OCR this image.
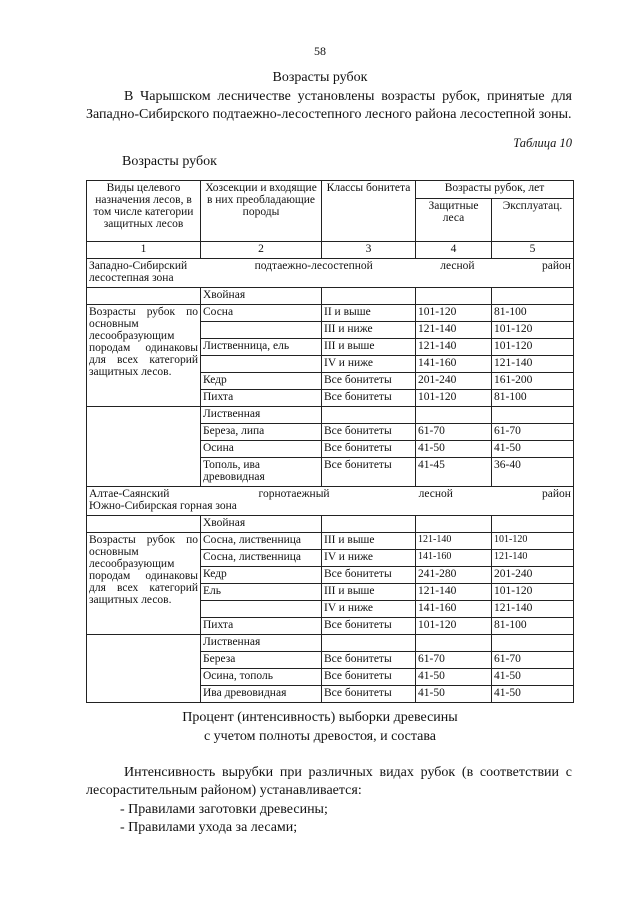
58
Возрасты рубок
В Чарышском лесничестве установлены возрасты рубок, принятые для Западно-Сибирского подтаежно-лесостепного лесного района лесостепной зоны.
Таблица 10
Возрасты рубок
Виды целевого назначения лесов, в том числе категории защитных лесов	Хозсекции и входящие в них преобладающие породы	Классы бонитета	Возрасты рубок, лет	
			Защитные леса	Эксплуатац.
1	2	3	4	5

Западно-Сибирский подтаежно-лесостепной лесной район
лесостепная зона				

	Хвойная			
Возрасты рубок по основным лесообразующим породам одинаковы для всех категорий защитных лесов.	Сосна	II и выше	101-120	81-100
		III и ниже	121-140	101-120
	Лиственница, ель	III и выше	121-140	101-120
		IV и ниже	141-160	121-140
	Кедр	Все бонитеты	201-240	161-200
	Пихта	Все бонитеты	101-120	81-100
	Лиственная			
	Береза, липа	Все бонитеты	61-70	61-70
	Осина	Все бонитеты	41-50	41-50
	Тополь, ива древовидная	Все бонитеты	41-45	36-40

Алтае-Саянский горнотаежный лесной район
Южно-Сибирская горная зона				

	Хвойная			
Возрасты рубок по основным лесообразующим породам одинаковы для всех категорий защитных лесов.	Сосна, лиственница	III и выше	121-140	101-120
	Сосна, лиственница	IV и ниже	141-160	121-140
	Кедр	Все бонитеты	241-280	201-240
	Ель	III и выше	121-140	101-120
		IV и ниже	141-160	121-140
	Пихта	Все бонитеты	101-120	81-100
	Лиственная			
	Береза	Все бонитеты	61-70	61-70
	Осина, тополь	Все бонитеты	41-50	41-50
	Ива древовидная	Все бонитеты	41-50	41-50
Процент (интенсивность) выборки древесины
с учетом полноты древостоя, и состава
Интенсивность вырубки при различных видах рубок (в соответствии с лесорастительным районом) устанавливается:
- Правилами заготовки древесины;
- Правилами ухода за лесами;
